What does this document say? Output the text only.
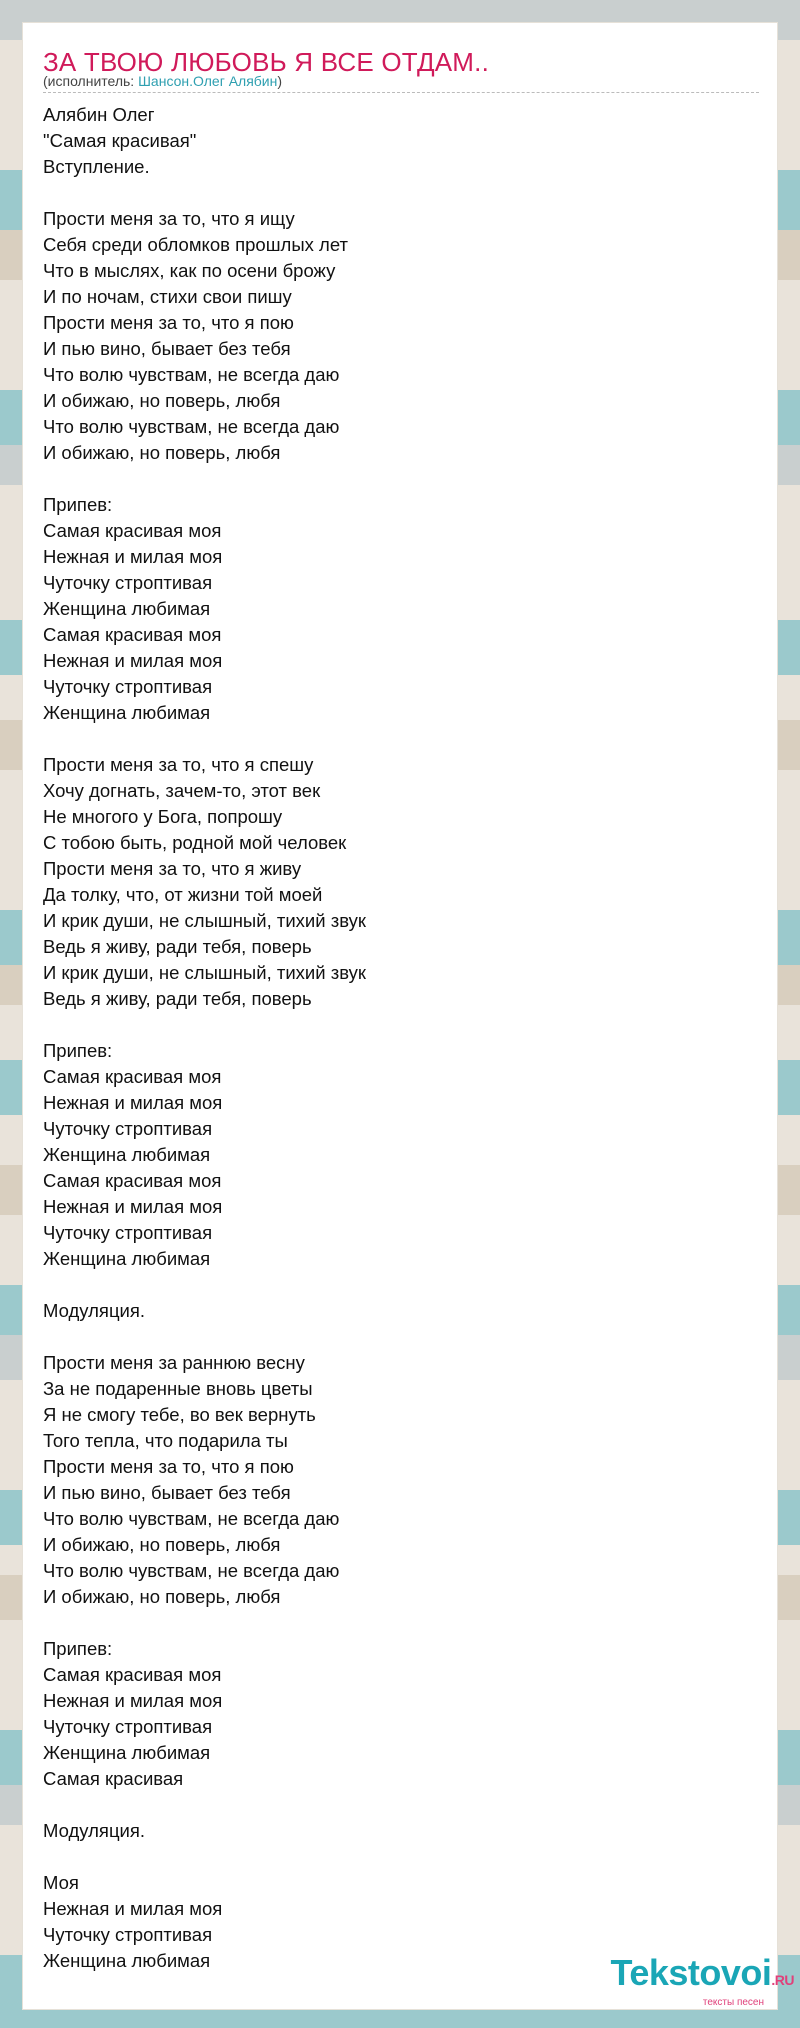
ЗА ТВОЮ ЛЮБОВЬ Я ВСЕ ОТДАМ..
(исполнитель: Шансон.Олег Алябин)
Алябин Олег
"Самая красивая"
Вступление.
Прости меня за то, что я ищу
Себя среди обломков прошлых лет
Что в мыслях, как по осени брожу
И по ночам, стихи свои пишу
Прости меня за то, что я пою
И пью вино, бывает без тебя
Что волю чувствам, не всегда даю
И обижаю, но поверь, любя
Что волю чувствам, не всегда даю
И обижаю, но поверь, любя
Припев:
Самая красивая моя
Нежная и милая моя
Чуточку строптивая
Женщина любимая
Самая красивая моя
Нежная и милая моя
Чуточку строптивая
Женщина любимая
Прости меня за то, что я спешу
Хочу догнать, зачем-то, этот век
Не многого у Бога, попрошу
С тобою быть, родной мой человек
Прости меня за то, что я живу
Да толку, что, от жизни той моей
И крик души, не слышный, тихий звук
Ведь я живу, ради тебя, поверь
И крик души, не слышный, тихий звук
Ведь я живу, ради тебя, поверь
Припев:
Самая красивая моя
Нежная и милая моя
Чуточку строптивая
Женщина любимая
Самая красивая моя
Нежная и милая моя
Чуточку строптивая
Женщина любимая
Модуляция.
Прости меня за раннюю весну
За не подаренные вновь цветы
Я не смогу тебе, во век вернуть
Того тепла, что подарила ты
Прости меня за то, что я пою
И пью вино, бывает без тебя
Что волю чувствам, не всегда даю
И обижаю, но поверь, любя
Что волю чувствам, не всегда даю
И обижаю, но поверь, любя
Припев:
Самая красивая моя
Нежная и милая моя
Чуточку строптивая
Женщина любимая
Самая красивая
Модуляция.
Моя
Нежная и милая моя
Чуточку строптивая
Женщина любимая	Tekstovoi.RU
тексты песен
